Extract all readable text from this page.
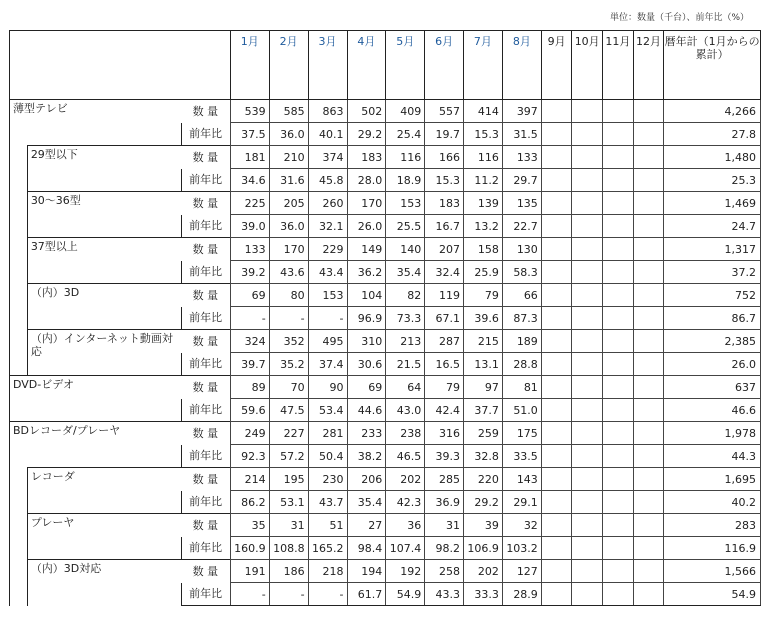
単位：数量（千台）、前年比（%）
			1月	2月	3月	4月	5月	6月	7月	8月	9月	10月	11月	12月	暦年計（1月からの累計）
薄型テレビ		数 量	539	585	863	502	409	557	414	397					4,266
		前年比	37.5	36.0	40.1	29.2	25.4	19.7	15.3	31.5					27.8
	29型以下	数 量	181	210	374	183	116	166	116	133					1,480
		前年比	34.6	31.6	45.8	28.0	18.9	15.3	11.2	29.7					25.3
	30～36型	数 量	225	205	260	170	153	183	139	135					1,469
		前年比	39.0	36.0	32.1	26.0	25.5	16.7	13.2	22.7					24.7
	37型以上	数 量	133	170	229	149	140	207	158	130					1,317
		前年比	39.2	43.6	43.4	36.2	35.4	32.4	25.9	58.3					37.2
	（内）3D	数 量	69	80	153	104	82	119	79	66					752
		前年比	-	-	-	96.9	73.3	67.1	39.6	87.3					86.7
	（内）インターネット動画対応	数 量	324	352	495	310	213	287	215	189					2,385
		前年比	39.7	35.2	37.4	30.6	21.5	16.5	13.1	28.8					26.0
DVD-ビデオ		数 量	89	70	90	69	64	79	97	81					637
		前年比	59.6	47.5	53.4	44.6	43.0	42.4	37.7	51.0					46.6
BDレコーダ/プレーヤ		数 量	249	227	281	233	238	316	259	175					1,978
		前年比	92.3	57.2	50.4	38.2	46.5	39.3	32.8	33.5					44.3
	レコーダ	数 量	214	195	230	206	202	285	220	143					1,695
		前年比	86.2	53.1	43.7	35.4	42.3	36.9	29.2	29.1					40.2
	プレーヤ	数 量	35	31	51	27	36	31	39	32					283
		前年比	160.9	108.8	165.2	98.4	107.4	98.2	106.9	103.2					116.9
	（内）3D対応	数 量	191	186	218	194	192	258	202	127					1,566
		前年比	-	-	-	61.7	54.9	43.3	33.3	28.9					54.9
